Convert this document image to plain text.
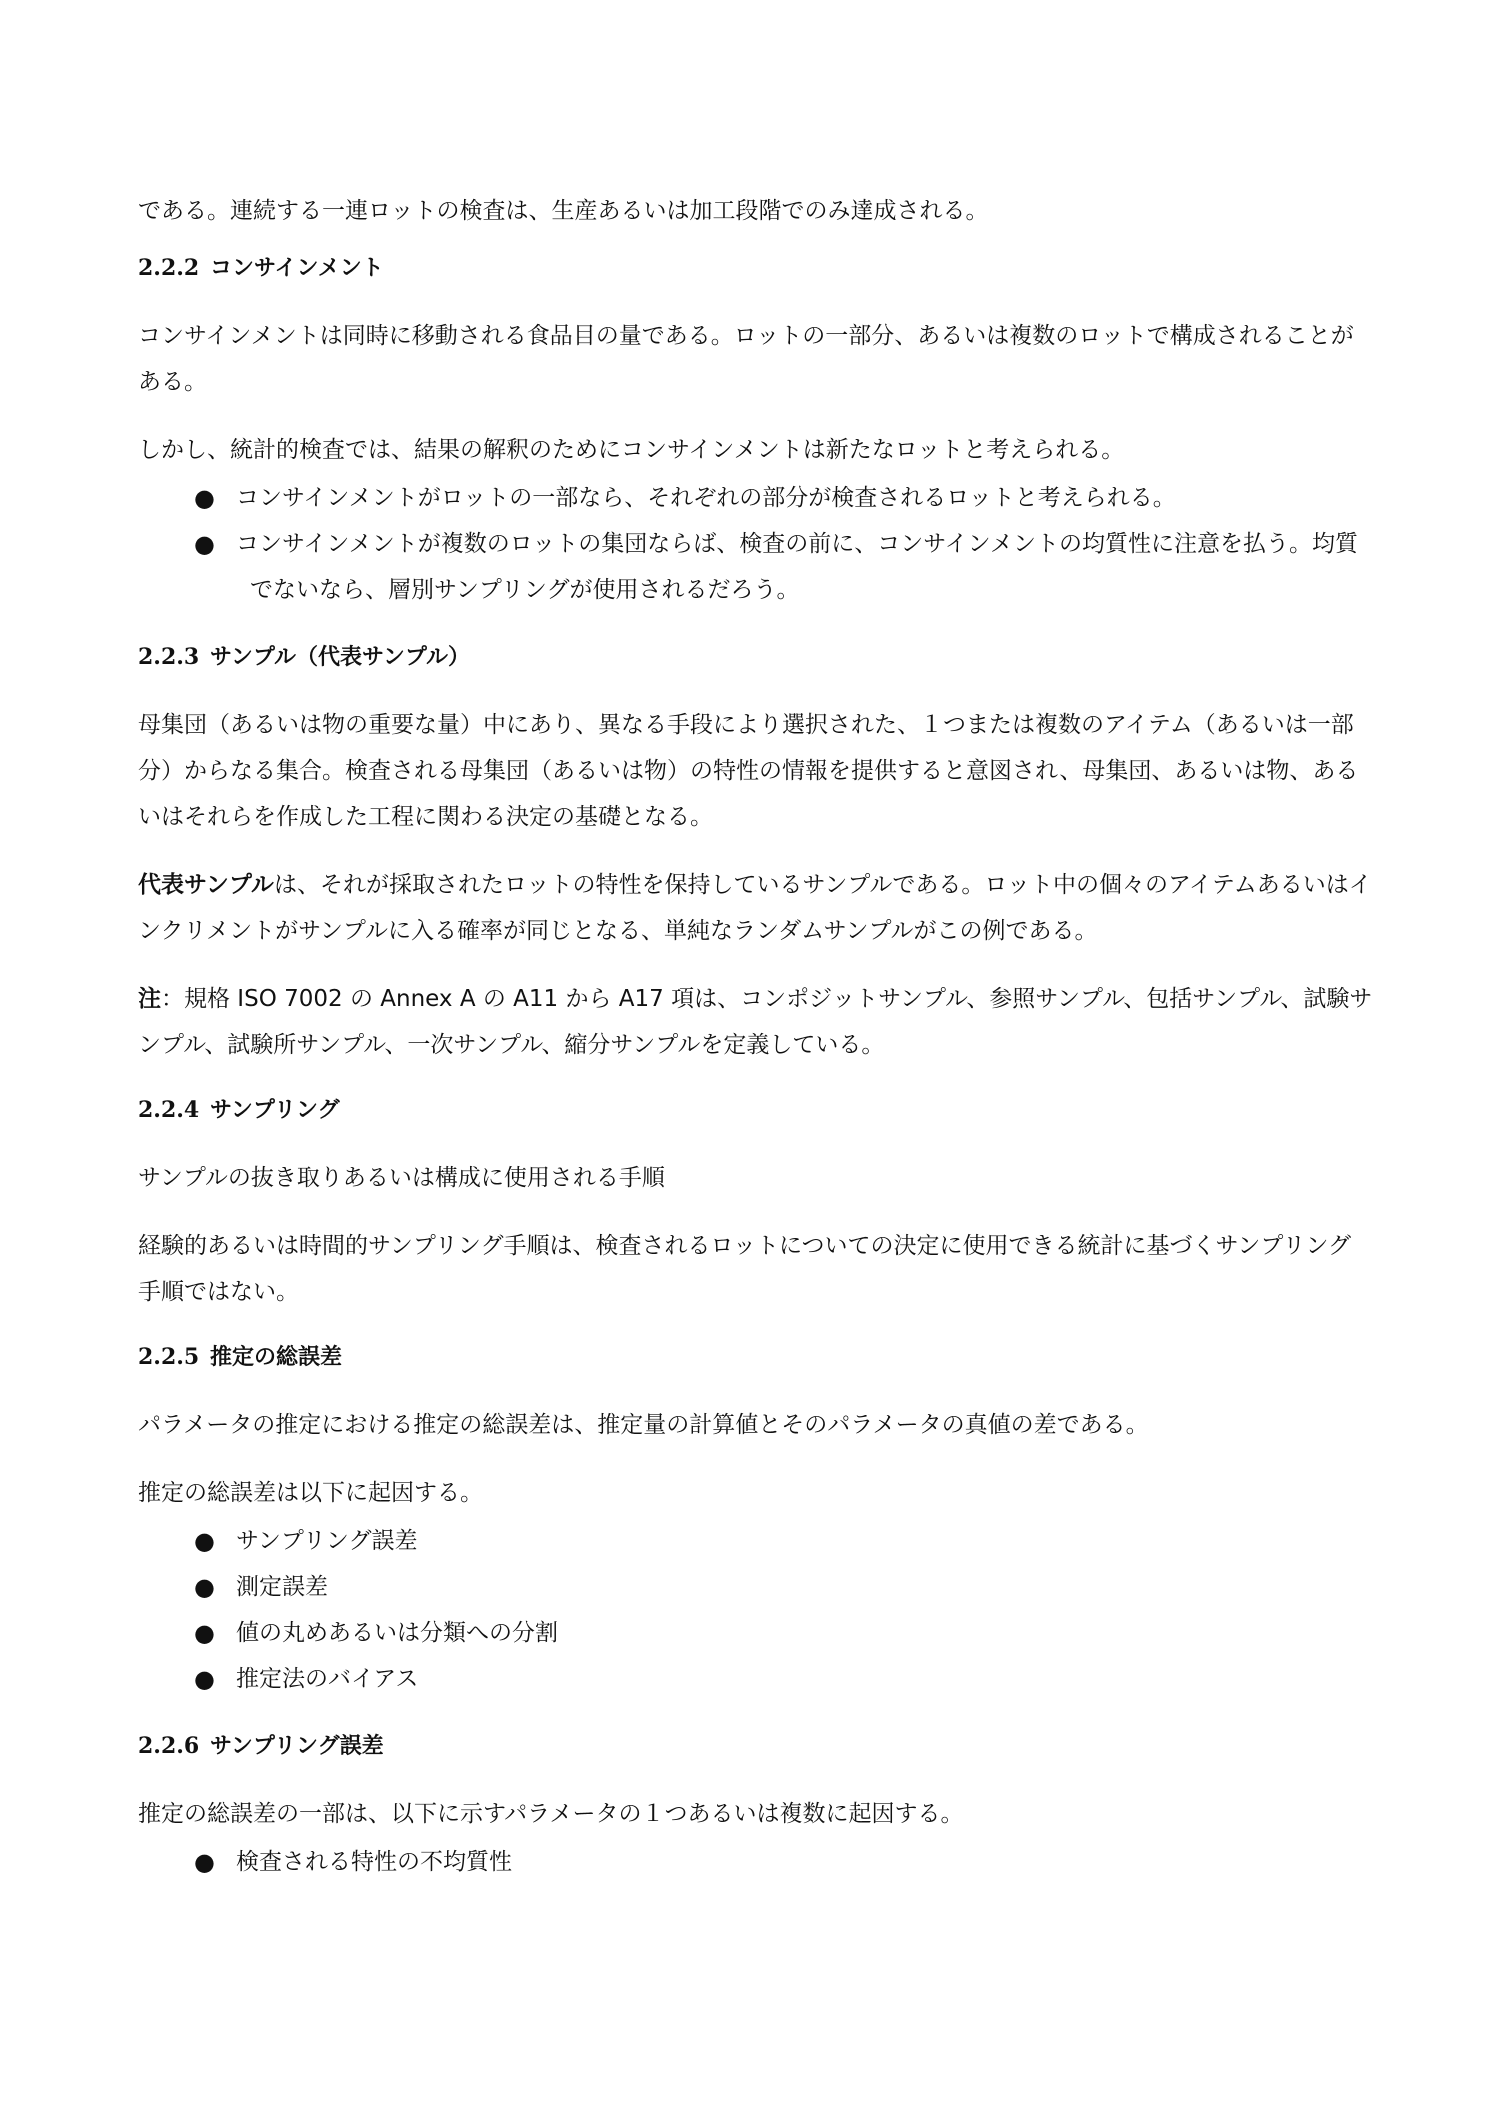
である。連続する一連ロットの検査は、生産あるいは加工段階でのみ達成される。

2.2.2 コンサインメント

コンサインメントは同時に移動される食品目の量である。ロットの一部分、あるいは複数のロットで構成されることがある。

しかし、統計的検査では、結果の解釈のためにコンサインメントは新たなロットと考えられる。

● コンサインメントがロットの一部なら、それぞれの部分が検査されるロットと考えられる。
● コンサインメントが複数のロットの集団ならば、検査の前に、コンサインメントの均質性に注意を払う。均質
でないなら、層別サンプリングが使用されるだろう。
2.2.3 サンプル（代表サンプル）

母集団（あるいは物の重要な量）中にあり、異なる手段により選択された、１つまたは複数のアイテム（あるいは一部分）からなる集合。検査される母集団（あるいは物）の特性の情報を提供すると意図され、母集団、あるいは物、あるいはそれらを作成した工程に関わる決定の基礎となる。

代表サンプルは、それが採取されたロットの特性を保持しているサンプルである。ロット中の個々のアイテムあるいはインクリメントがサンプルに入る確率が同じとなる、単純なランダムサンプルがこの例である。

注：規格 ISO 7002 の Annex A の A11 から A17 項は、コンポジットサンプル、参照サンプル、包括サンプル、試験サンプル、試験所サンプル、一次サンプル、縮分サンプルを定義している。

2.2.4 サンプリング

サンプルの抜き取りあるいは構成に使用される手順

経験的あるいは時間的サンプリング手順は、検査されるロットについての決定に使用できる統計に基づくサンプリング手順ではない。

2.2.5 推定の総誤差

パラメータの推定における推定の総誤差は、推定量の計算値とそのパラメータの真値の差である。

推定の総誤差は以下に起因する。

● サンプリング誤差
● 測定誤差
● 値の丸めあるいは分類への分割
● 推定法のバイアス
2.2.6 サンプリング誤差

推定の総誤差の一部は、以下に示すパラメータの１つあるいは複数に起因する。

● 検査される特性の不均質性
